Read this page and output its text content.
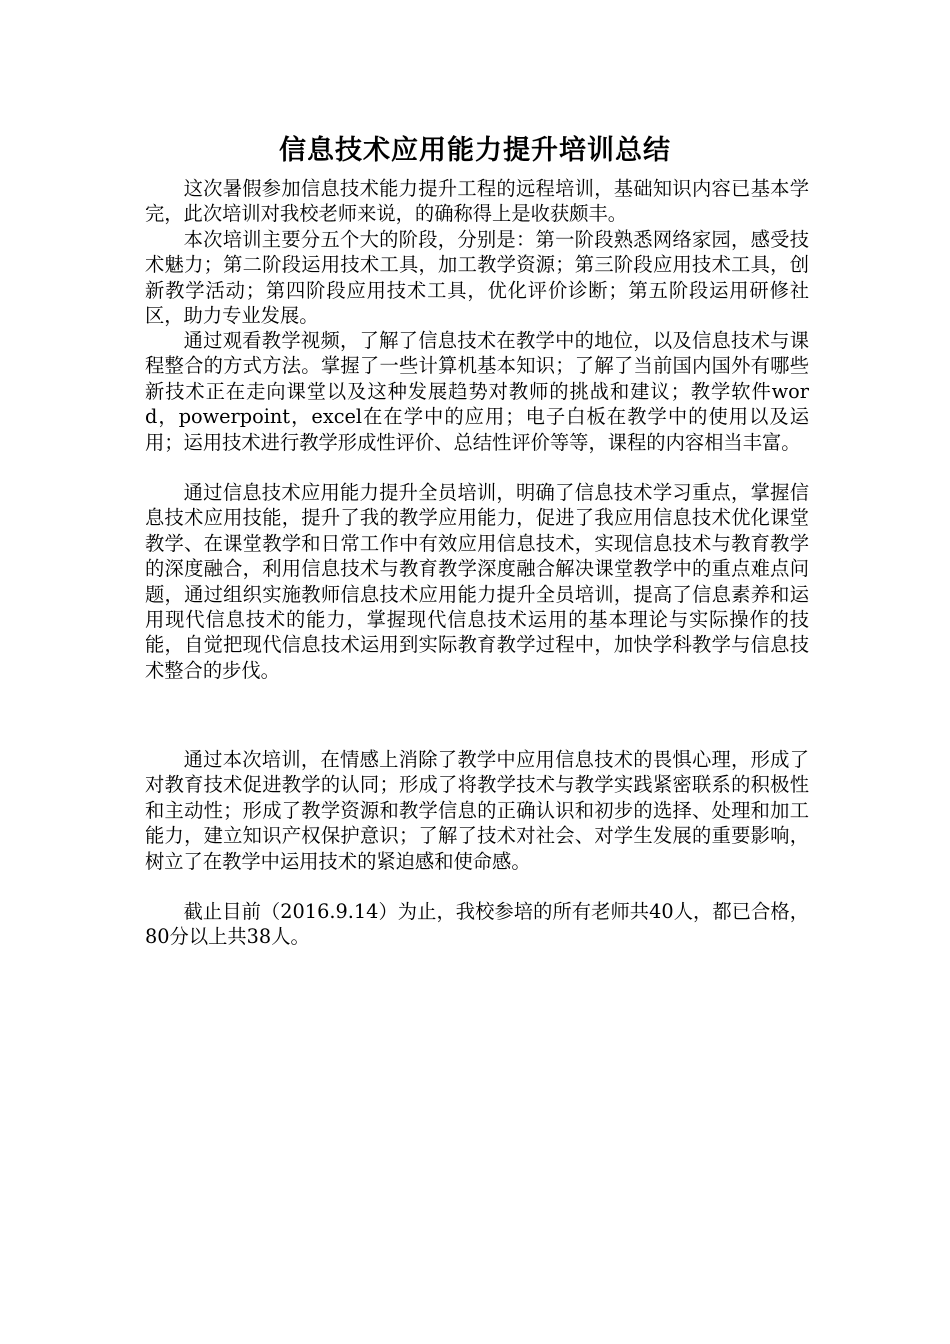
信息技术应用能力提升培训总结
这次暑假参加信息技术能力提升工程的远程培训，基础知识内容已基本学完，此次培训对我校老师来说，的确称得上是收获颇丰。
本次培训主要分五个大的阶段，分别是：第一阶段熟悉网络家园，感受技术魅力；第二阶段运用技术工具，加工教学资源；第三阶段应用技术工具，创新教学活动；第四阶段应用技术工具，优化评价诊断；第五阶段运用研修社区，助力专业发展。
通过观看教学视频，了解了信息技术在教学中的地位，以及信息技术与课程整合的方式方法。掌握了一些计算机基本知识；了解了当前国内国外有哪些新技术正在走向课堂以及这种发展趋势对教师的挑战和建议；教学软件word，powerpoint，excel在在学中的应用；电子白板在教学中的使用以及运用；运用技术进行教学形成性评价、总结性评价等等，课程的内容相当丰富。
通过信息技术应用能力提升全员培训，明确了信息技术学习重点，掌握信息技术应用技能，提升了我的教学应用能力，促进了我应用信息技术优化课堂教学、在课堂教学和日常工作中有效应用信息技术，实现信息技术与教育教学的深度融合，利用信息技术与教育教学深度融合解决课堂教学中的重点难点问题，通过组织实施教师信息技术应用能力提升全员培训，提高了信息素养和运用现代信息技术的能力，掌握现代信息技术运用的基本理论与实际操作的技能，自觉把现代信息技术运用到实际教育教学过程中，加快学科教学与信息技术整合的步伐。
通过本次培训，在情感上消除了教学中应用信息技术的畏惧心理，形成了对教育技术促进教学的认同；形成了将教学技术与教学实践紧密联系的积极性和主动性；形成了教学资源和教学信息的正确认识和初步的选择、处理和加工能力，建立知识产权保护意识；了解了技术对社会、对学生发展的重要影响，树立了在教学中运用技术的紧迫感和使命感。
截止目前（2016.9.14）为止，我校参培的所有老师共40人，都已合格，80分以上共38人。
